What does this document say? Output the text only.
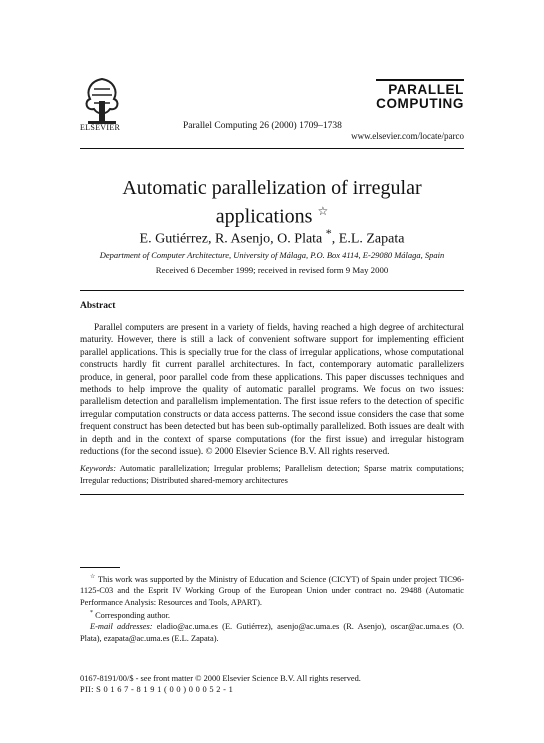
ELSEVIER	Parallel Computing 26 (2000) 1709–1738
PARALLEL
COMPUTING
www.elsevier.com/locate/parco
Automatic parallelization of irregular
applications ☆
E. Gutiérrez, R. Asenjo, O. Plata *, E.L. Zapata
Department of Computer Architecture, University of Málaga, P.O. Box 4114, E-29080 Málaga, Spain
Received 6 December 1999; received in revised form 9 May 2000
Abstract
Parallel computers are present in a variety of fields, having reached a high degree of architectural maturity. However, there is still a lack of convenient software support for implementing efficient parallel applications. This is specially true for the class of irregular applications, whose computational constructs hardly fit current parallel architectures. In fact, contemporary automatic parallelizers produce, in general, poor parallel code from these applications. This paper discusses techniques and methods to help improve the quality of automatic parallel programs. We focus on two issues: parallelism detection and parallelism implementation. The first issue refers to the detection of specific irregular computation constructs or data access patterns. The second issue considers the case that some frequent construct has been detected but has been sub-optimally parallelized. Both issues are dealt with in depth and in the context of sparse computations (for the first issue) and irregular histogram reductions (for the second issue). © 2000 Elsevier Science B.V. All rights reserved.
Keywords: Automatic parallelization; Irregular problems; Parallelism detection; Sparse matrix computations; Irregular reductions; Distributed shared-memory architectures

☆ This work was supported by the Ministry of Education and Science (CICYT) of Spain under project TIC96-1125-C03 and the Esprit IV Working Group of the European Union under contract no. 29488 (Automatic Performance Analysis: Resources and Tools, APART).

* Corresponding author.

E-mail addresses: eladio@ac.uma.es (E. Gutiérrez), asenjo@ac.uma.es (R. Asenjo), oscar@ac.uma.es (O. Plata), ezapata@ac.uma.es (E.L. Zapata).

0167-8191/00/$ - see front matter © 2000 Elsevier Science B.V. All rights reserved.
PII: S 0 1 6 7 - 8 1 9 1 ( 0 0 ) 0 0 0 5 2 - 1
